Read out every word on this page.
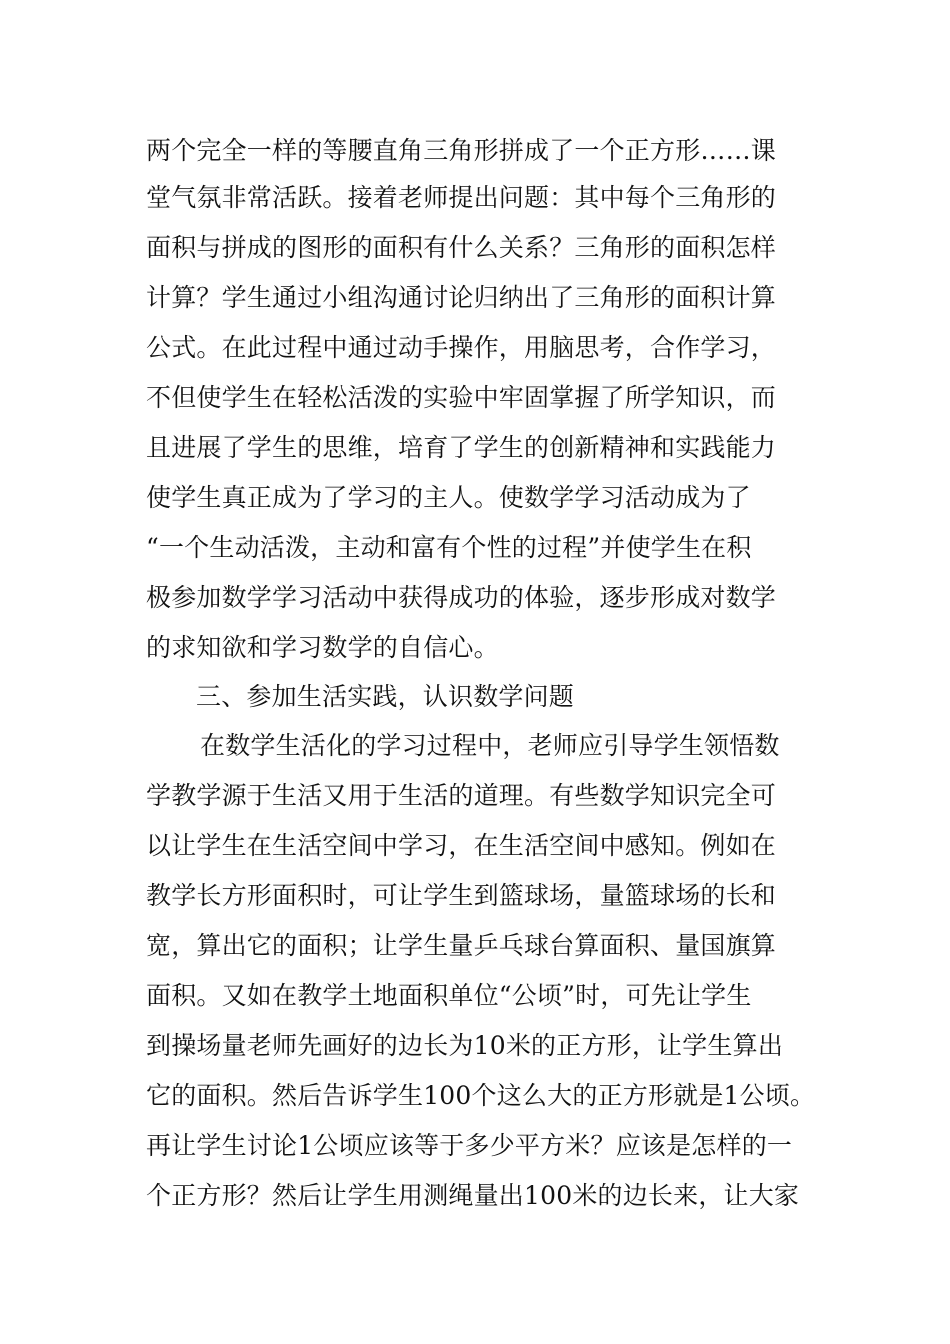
两个完全一样的等腰直角三角形拼成了一个正方形……课
堂气氛非常活跃。接着老师提出问题：其中每个三角形的
面积与拼成的图形的面积有什么关系？三角形的面积怎样
计算？学生通过小组沟通讨论归纳出了三角形的面积计算
公式。在此过程中通过动手操作，用脑思考，合作学习，
不但使学生在轻松活泼的实验中牢固掌握了所学知识，而
且进展了学生的思维，培育了学生的创新精神和实践能力
使学生真正成为了学习的主人。使数学学习活动成为了
“一个生动活泼，主动和富有个性的过程”并使学生在积
极参加数学学习活动中获得成功的体验，逐步形成对数学
的求知欲和学习数学的自信心。
三、参加生活实践，认识数学问题
在数学生活化的学习过程中，老师应引导学生领悟数
学教学源于生活又用于生活的道理。有些数学知识完全可
以让学生在生活空间中学习，在生活空间中感知。例如在
教学长方形面积时，可让学生到篮球场，量篮球场的长和
宽，算出它的面积；让学生量乒乓球台算面积、量国旗算
面积。又如在教学土地面积单位“公顷”时，可先让学生
到操场量老师先画好的边长为10米的正方形，让学生算出
它的面积。然后告诉学生100个这么大的正方形就是1公顷。
再让学生讨论1公顷应该等于多少平方米？应该是怎样的一
个正方形？然后让学生用测绳量出100米的边长来，让大家
